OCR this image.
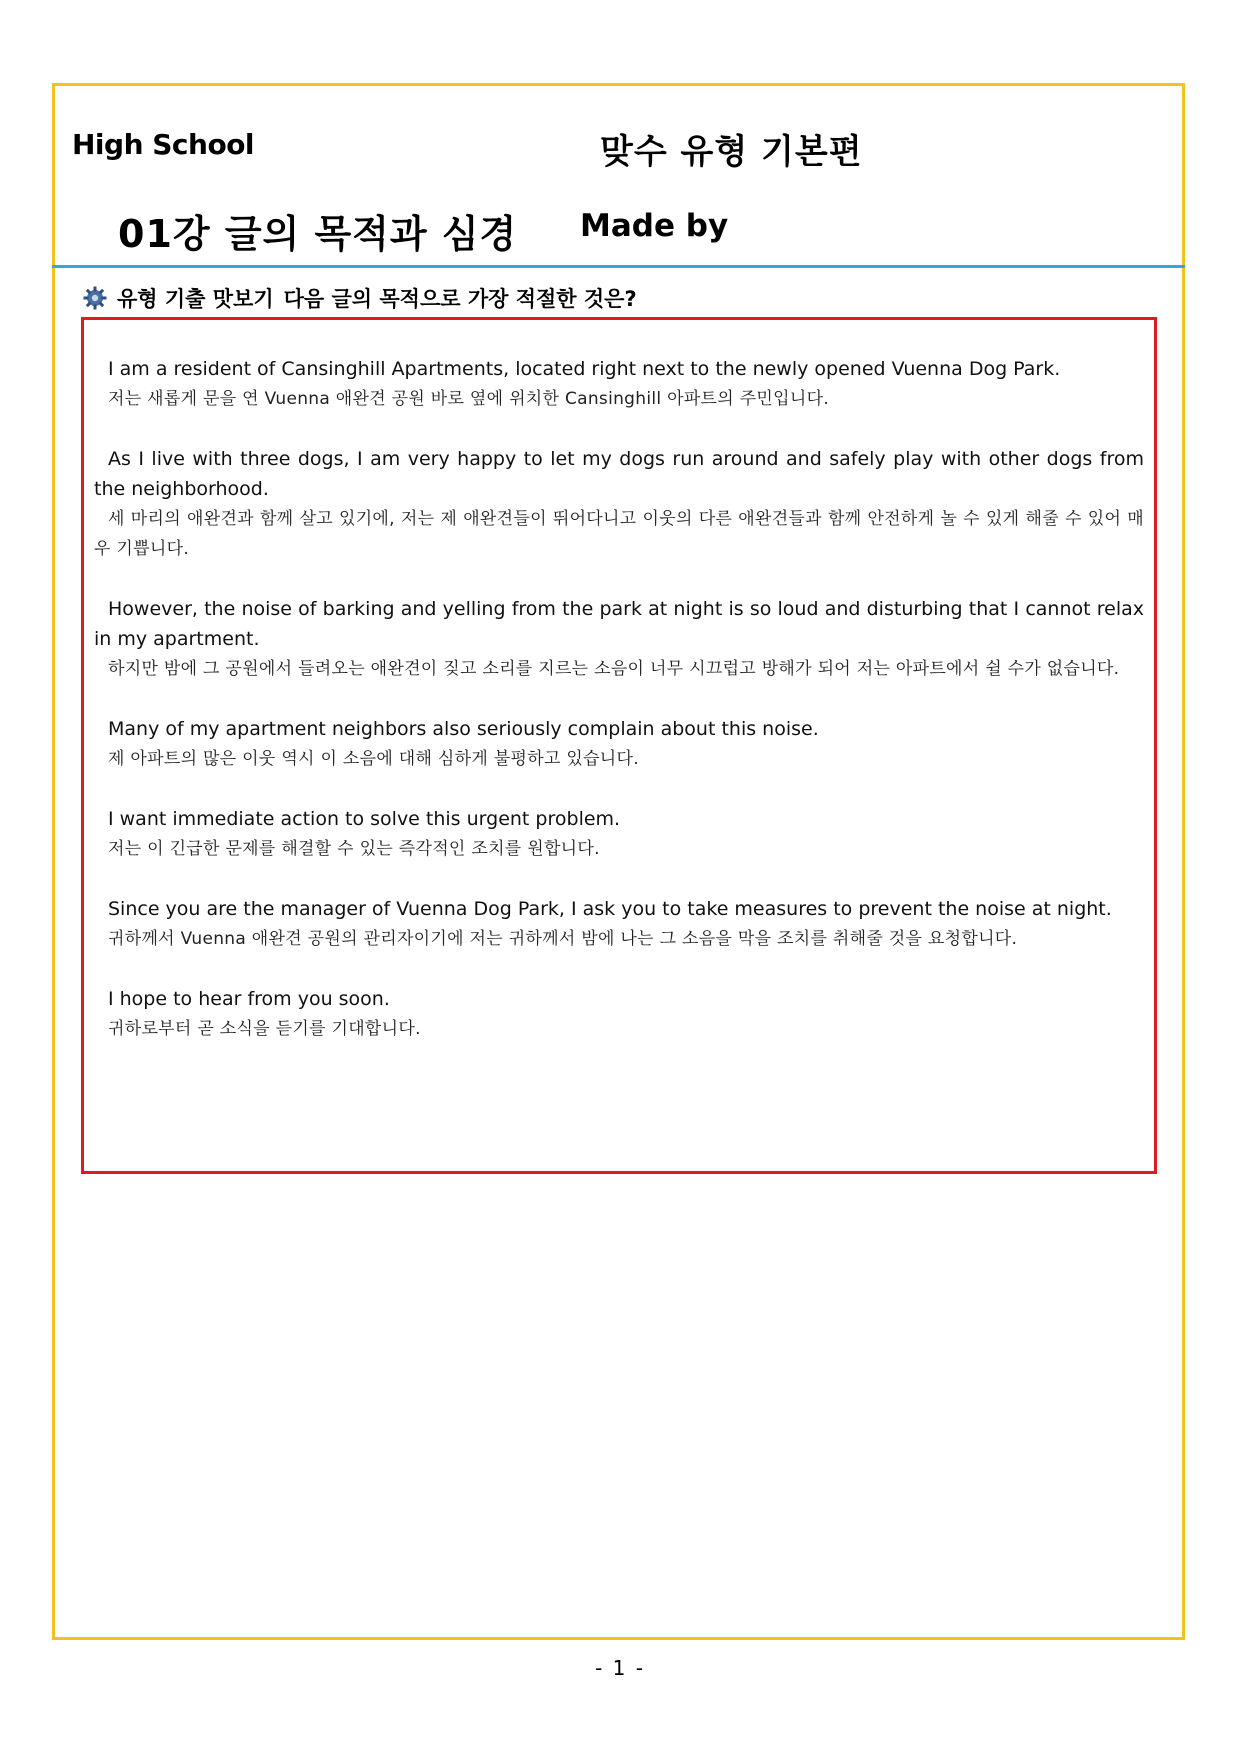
High School	맞수 유형 기본편
01강 글의 목적과 심경 Made by
유형 기출 맛보기 다음 글의 목적으로 가장 적절한 것은?
I am a resident of Cansinghill Apartments, located right next to the newly opened Vuenna Dog Park.
저는 새롭게 문을 연 Vuenna 애완견 공원 바로 옆에 위치한 Cansinghill 아파트의 주민입니다.
As I live with three dogs, I am very happy to let my dogs run around and safely play with other dogs from the neighborhood.
세 마리의 애완견과 함께 살고 있기에, 저는 제 애완견들이 뛰어다니고 이웃의 다른 애완견들과 함께 안전하게 놀 수 있게 해줄 수 있어 매우 기쁩니다.
However, the noise of barking and yelling from the park at night is so loud and disturbing that I cannot relax in my apartment.
하지만 밤에 그 공원에서 들려오는 애완견이 짖고 소리를 지르는 소음이 너무 시끄럽고 방해가 되어 저는 아파트에서 쉴 수가 없습니다.
Many of my apartment neighbors also seriously complain about this noise.
제 아파트의 많은 이웃 역시 이 소음에 대해 심하게 불평하고 있습니다.
I want immediate action to solve this urgent problem.
저는 이 긴급한 문제를 해결할 수 있는 즉각적인 조치를 원합니다.
Since you are the manager of Vuenna Dog Park, I ask you to take measures to prevent the noise at night.
귀하께서 Vuenna 애완견 공원의 관리자이기에 저는 귀하께서 밤에 나는 그 소음을 막을 조치를 취해줄 것을 요청합니다.
I hope to hear from you soon.
귀하로부터 곧 소식을 듣기를 기대합니다.
- 1 -
